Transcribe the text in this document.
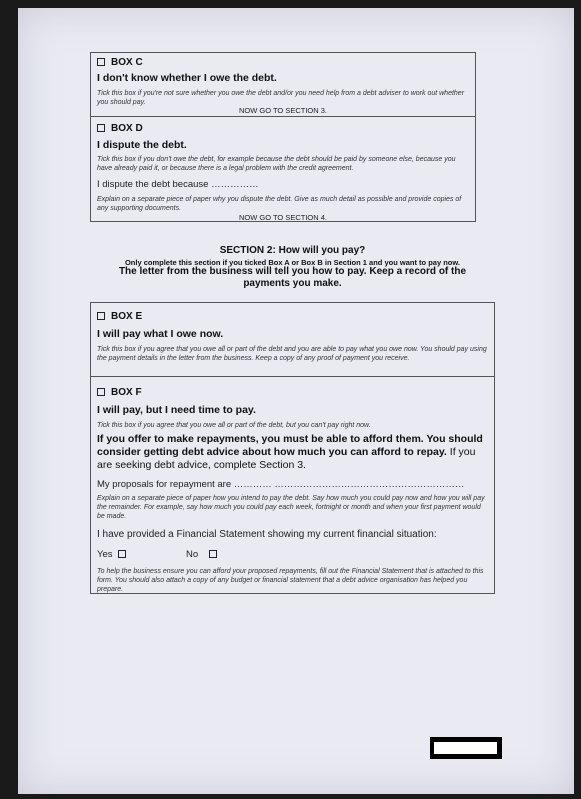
BOX C
I don't know whether I owe the debt.
Tick this box if you're not sure whether you owe the debt and/or you need help from a debt adviser to work out whether you should pay.
NOW GO TO SECTION 3.
BOX D
I dispute the debt.
Tick this box if you don't owe the debt, for example because the debt should be paid by someone else, because you have already paid it, or because there is a legal problem with the credit agreement.
I dispute the debt because ……………
Explain on a separate piece of paper why you dispute the debt. Give as much detail as possible and provide copies of any supporting documents.
NOW GO TO SECTION 4.
SECTION 2: How will you pay?
Only complete this section if you ticked Box A or Box B in Section 1 and you want to pay now.
The letter from the business will tell you how to pay. Keep a record of the payments you make.
BOX E
I will pay what I owe now.
Tick this box if you agree that you owe all or part of the debt and you are able to pay what you owe now. You should pay using the payment details in the letter from the business. Keep a copy of any proof of payment you receive.
BOX F
I will pay, but I need time to pay.
Tick this box if you agree that you owe all or part of the debt, but you can't pay right now.
If you offer to make repayments, you must be able to afford them. You should consider getting debt advice about how much you can afford to repay. If you are seeking debt advice, complete Section 3.
My proposals for repayment are ………… ……………………………………………………
Explain on a separate piece of paper how you intend to pay the debt. Say how much you could pay now and how you will pay the remainder. For example, say how much you could pay each week, fortnight or month and when your first payment would be made.
I have provided a Financial Statement showing my current financial situation:
Yes	No
To help the business ensure you can afford your proposed repayments, fill out the Financial Statement that is attached to this form. You should also attach a copy of any budget or financial statement that a debt advice organisation has helped you prepare.
